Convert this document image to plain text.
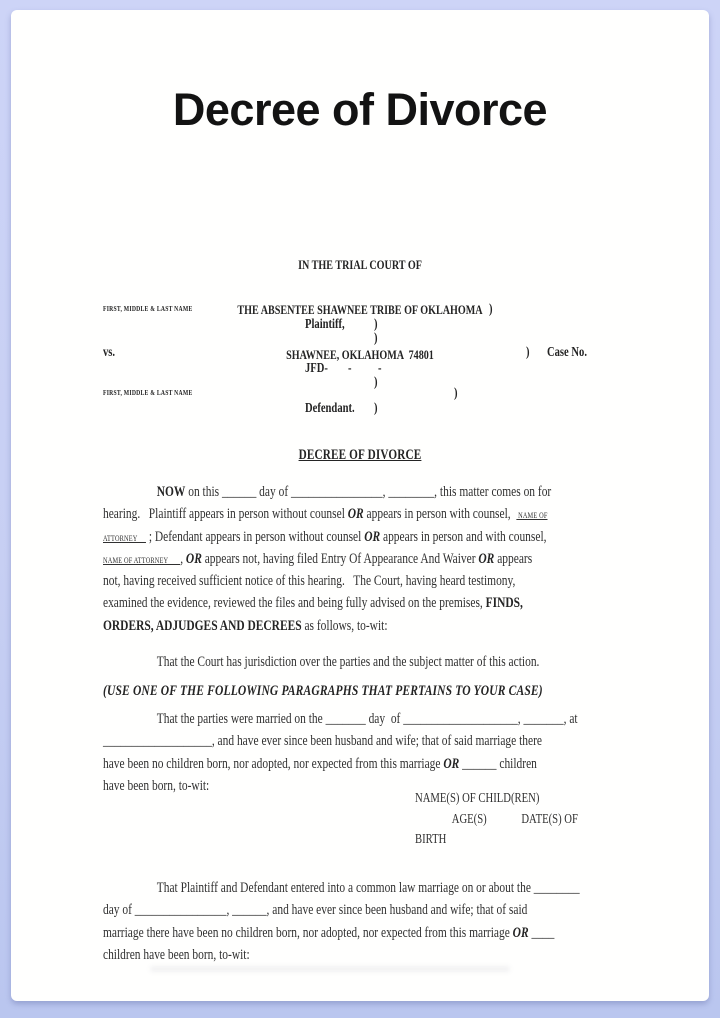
Decree of Divorce

IN THE TRIAL COURT OF

THE ABSENTEE SHAWNEE TRIBE OF OKLAHOMA

SHAWNEE, OKLAHOMA  74801

FIRST, MIDDLE & LAST NAME	)
Plaintiff, )
)
vs.	) Case No.
JFD- - -
)
FIRST, MIDDLE & LAST NAME	)
Defendant. )
DECREE OF DIVORCE
NOW on this ______ day of ________________, ________, this matter comes on for
hearing.   Plaintiff appears in person without counsel OR appears in person with counsel,   NAME OF
ATTORNEY      ; Defendant appears in person without counsel OR appears in person and with counsel,
NAME OF ATTORNEY       , OR appears not, having filed Entry Of Appearance And Waiver OR appears
not, having received sufficient notice of this hearing.   The Court, having heard testimony,
examined the evidence, reviewed the files and being fully advised on the premises, FINDS,
ORDERS, ADJUDGES AND DECREES as follows, to-wit:
That the Court has jurisdiction over the parties and the subject matter of this action.
(USE ONE OF THE FOLLOWING PARAGRAPHS THAT PERTAINS TO YOUR CASE)
That the parties were married on the _______ day  of ____________________, _______, at
___________________, and have ever since been husband and wife; that of said marriage there
have been no children born, nor adopted, nor expected from this marriage OR ______ children
have been born, to-wit:
NAME(S) OF CHILD(REN)
AGE(S)             DATE(S) OF
BIRTH
That Plaintiff and Defendant entered into a common law marriage on or about the ________
day of ________________, ______, and have ever since been husband and wife; that of said
marriage there have been no children born, nor adopted, nor expected from this marriage OR ____
children have been born, to-wit:
